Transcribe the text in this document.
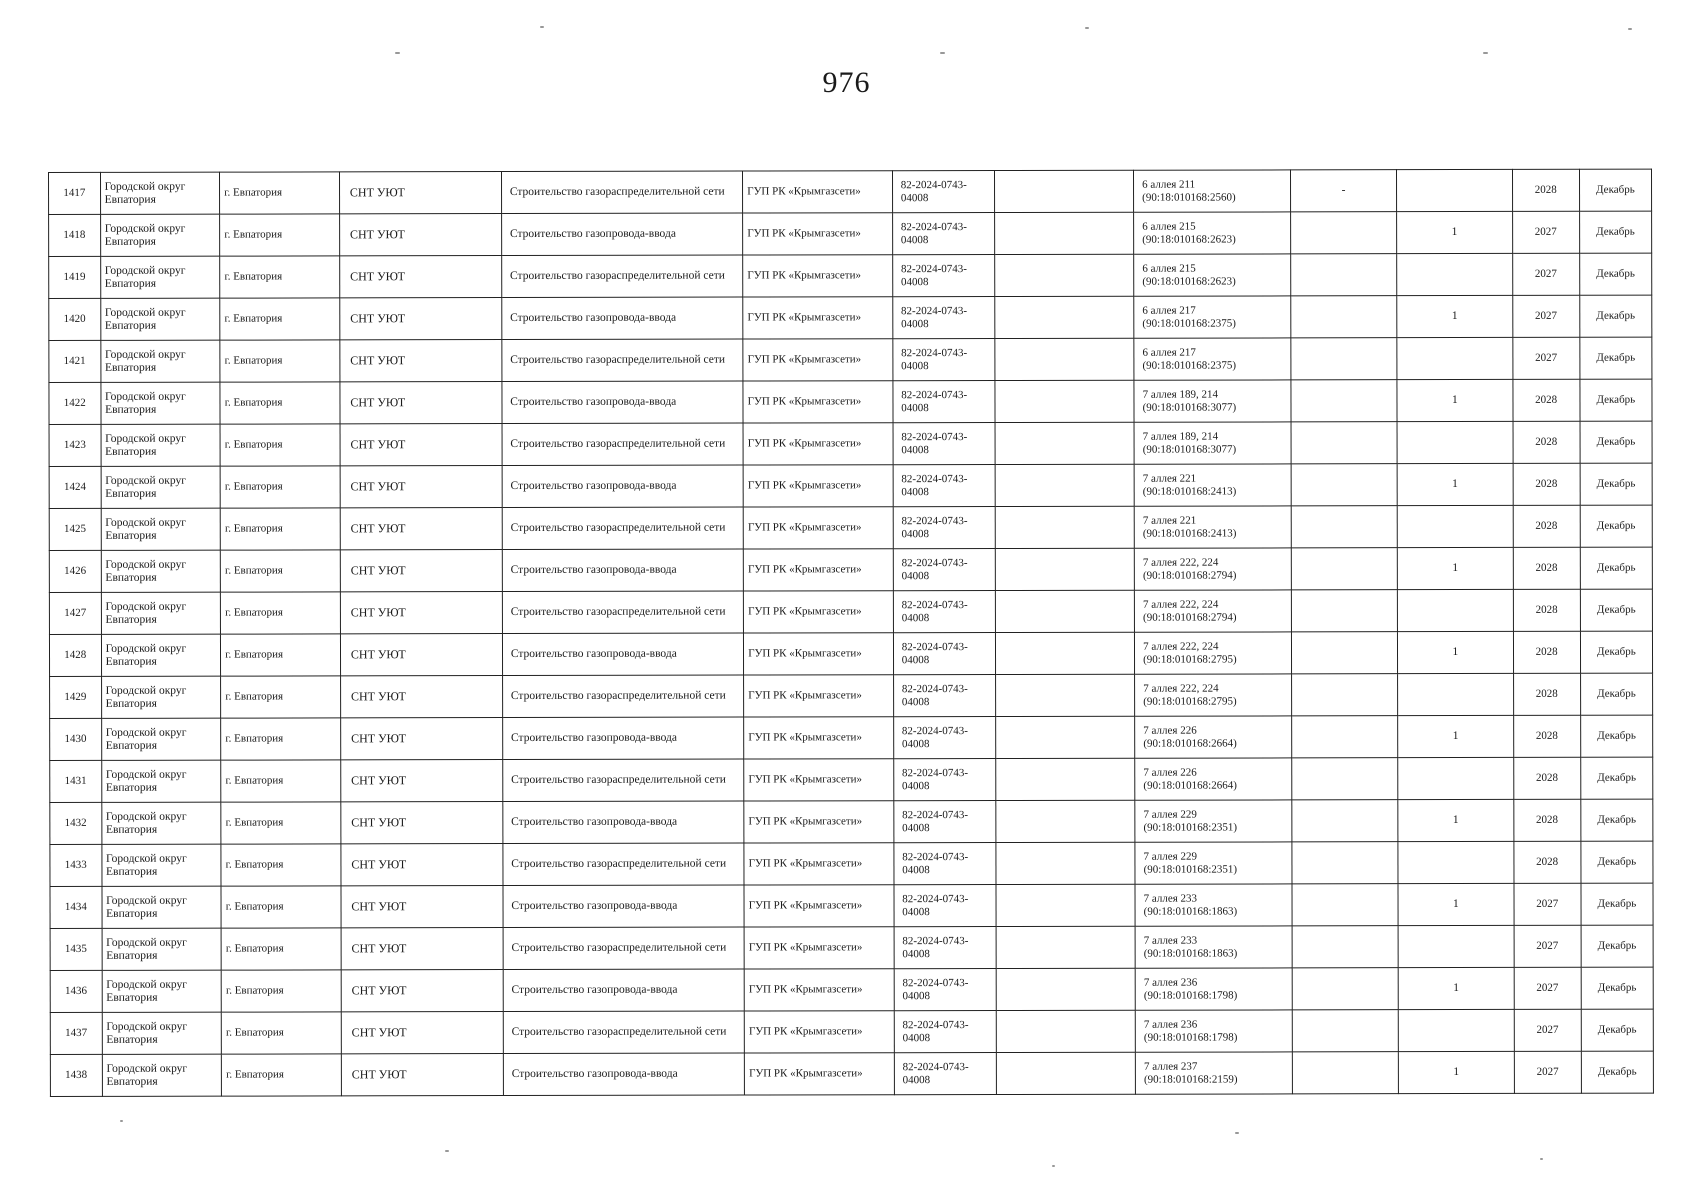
976
1417	Городской округ Евпатория	г. Евпатория	СНТ УЮТ	Строительство газораспределительной сети	ГУП РК «Крымгазсети»	82-2024-0743-04008		6 аллея 211 (90:18:010168:2560)	-		2028	Декабрь
1418	Городской округ Евпатория	г. Евпатория	СНТ УЮТ	Строительство газопровода-ввода	ГУП РК «Крымгазсети»	82-2024-0743-04008		6 аллея 215 (90:18:010168:2623)		1	2027	Декабрь
1419	Городской округ Евпатория	г. Евпатория	СНТ УЮТ	Строительство газораспределительной сети	ГУП РК «Крымгазсети»	82-2024-0743-04008		6 аллея 215 (90:18:010168:2623)			2027	Декабрь
1420	Городской округ Евпатория	г. Евпатория	СНТ УЮТ	Строительство газопровода-ввода	ГУП РК «Крымгазсети»	82-2024-0743-04008		6 аллея 217 (90:18:010168:2375)		1	2027	Декабрь
1421	Городской округ Евпатория	г. Евпатория	СНТ УЮТ	Строительство газораспределительной сети	ГУП РК «Крымгазсети»	82-2024-0743-04008		6 аллея 217 (90:18:010168:2375)			2027	Декабрь
1422	Городской округ Евпатория	г. Евпатория	СНТ УЮТ	Строительство газопровода-ввода	ГУП РК «Крымгазсети»	82-2024-0743-04008		7 аллея 189, 214 (90:18:010168:3077)		1	2028	Декабрь
1423	Городской округ Евпатория	г. Евпатория	СНТ УЮТ	Строительство газораспределительной сети	ГУП РК «Крымгазсети»	82-2024-0743-04008		7 аллея 189, 214 (90:18:010168:3077)			2028	Декабрь
1424	Городской округ Евпатория	г. Евпатория	СНТ УЮТ	Строительство газопровода-ввода	ГУП РК «Крымгазсети»	82-2024-0743-04008		7 аллея 221 (90:18:010168:2413)		1	2028	Декабрь
1425	Городской округ Евпатория	г. Евпатория	СНТ УЮТ	Строительство газораспределительной сети	ГУП РК «Крымгазсети»	82-2024-0743-04008		7 аллея 221 (90:18:010168:2413)			2028	Декабрь
1426	Городской округ Евпатория	г. Евпатория	СНТ УЮТ	Строительство газопровода-ввода	ГУП РК «Крымгазсети»	82-2024-0743-04008		7 аллея 222, 224 (90:18:010168:2794)		1	2028	Декабрь
1427	Городской округ Евпатория	г. Евпатория	СНТ УЮТ	Строительство газораспределительной сети	ГУП РК «Крымгазсети»	82-2024-0743-04008		7 аллея 222, 224 (90:18:010168:2794)			2028	Декабрь
1428	Городской округ Евпатория	г. Евпатория	СНТ УЮТ	Строительство газопровода-ввода	ГУП РК «Крымгазсети»	82-2024-0743-04008		7 аллея 222, 224 (90:18:010168:2795)		1	2028	Декабрь
1429	Городской округ Евпатория	г. Евпатория	СНТ УЮТ	Строительство газораспределительной сети	ГУП РК «Крымгазсети»	82-2024-0743-04008		7 аллея 222, 224 (90:18:010168:2795)			2028	Декабрь
1430	Городской округ Евпатория	г. Евпатория	СНТ УЮТ	Строительство газопровода-ввода	ГУП РК «Крымгазсети»	82-2024-0743-04008		7 аллея 226 (90:18:010168:2664)		1	2028	Декабрь
1431	Городской округ Евпатория	г. Евпатория	СНТ УЮТ	Строительство газораспределительной сети	ГУП РК «Крымгазсети»	82-2024-0743-04008		7 аллея 226 (90:18:010168:2664)			2028	Декабрь
1432	Городской округ Евпатория	г. Евпатория	СНТ УЮТ	Строительство газопровода-ввода	ГУП РК «Крымгазсети»	82-2024-0743-04008		7 аллея 229 (90:18:010168:2351)		1	2028	Декабрь
1433	Городской округ Евпатория	г. Евпатория	СНТ УЮТ	Строительство газораспределительной сети	ГУП РК «Крымгазсети»	82-2024-0743-04008		7 аллея 229 (90:18:010168:2351)			2028	Декабрь
1434	Городской округ Евпатория	г. Евпатория	СНТ УЮТ	Строительство газопровода-ввода	ГУП РК «Крымгазсети»	82-2024-0743-04008		7 аллея 233 (90:18:010168:1863)		1	2027	Декабрь
1435	Городской округ Евпатория	г. Евпатория	СНТ УЮТ	Строительство газораспределительной сети	ГУП РК «Крымгазсети»	82-2024-0743-04008		7 аллея 233 (90:18:010168:1863)			2027	Декабрь
1436	Городской округ Евпатория	г. Евпатория	СНТ УЮТ	Строительство газопровода-ввода	ГУП РК «Крымгазсети»	82-2024-0743-04008		7 аллея 236 (90:18:010168:1798)		1	2027	Декабрь
1437	Городской округ Евпатория	г. Евпатория	СНТ УЮТ	Строительство газораспределительной сети	ГУП РК «Крымгазсети»	82-2024-0743-04008		7 аллея 236 (90:18:010168:1798)			2027	Декабрь
1438	Городской округ Евпатория	г. Евпатория	СНТ УЮТ	Строительство газопровода-ввода	ГУП РК «Крымгазсети»	82-2024-0743-04008		7 аллея 237 (90:18:010168:2159)		1	2027	Декабрь
